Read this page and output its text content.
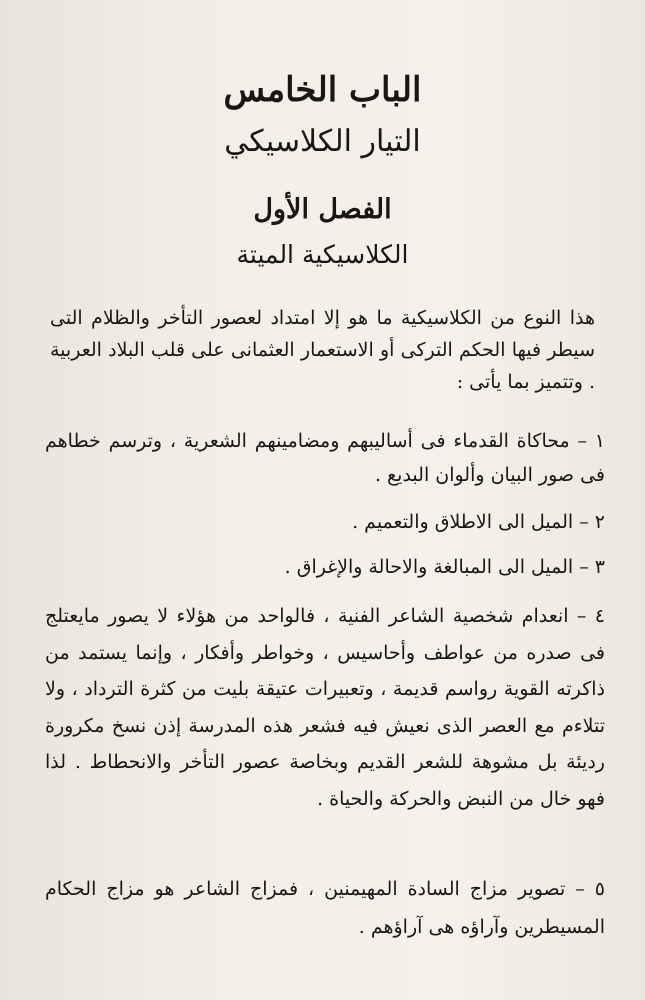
الباب الخامس
التيار الكلاسيكي
الفصل الأول
الكلاسيكية الميتة
هذا النوع من الكلاسيكية ما هو إلا امتداد لعصور التأخر والظلام التى سيطر فيها الحكم التركى أو الاستعمار العثمانى على قلب البلاد العربية . وتتميز بما يأتى :
١ – محاكاة القدماء فى أساليبهم ومضامينهم الشعرية ، وترسم خطاهم فى صور البيان وألوان البديع .
٢ – الميل الى الاطلاق والتعميم .
٣ – الميل الى المبالغة والاحالة والإغراق .
٤ – انعدام شخصية الشاعر الفنية ، فالواحد من هؤلاء لا يصور مايعتلج فى صدره من عواطف وأحاسيس ، وخواطر وأفكار ، وإنما يستمد من ذاكرته القوية رواسم قديمة ، وتعبيرات عتيقة بليت من كثرة الترداد ، ولا تتلاءم مع العصر الذى نعيش فيه فشعر هذه المدرسة إذن نسخ مكرورة رديئة بل مشوهة للشعر القديم وبخاصة عصور التأخر والانحطاط . لذا فهو خال من النبض والحركة والحياة .
٥ – تصوير مزاج السادة المهيمنين ، فمزاج الشاعر هو مزاج الحكام المسيطرين وآراؤه هى آراؤهم .
